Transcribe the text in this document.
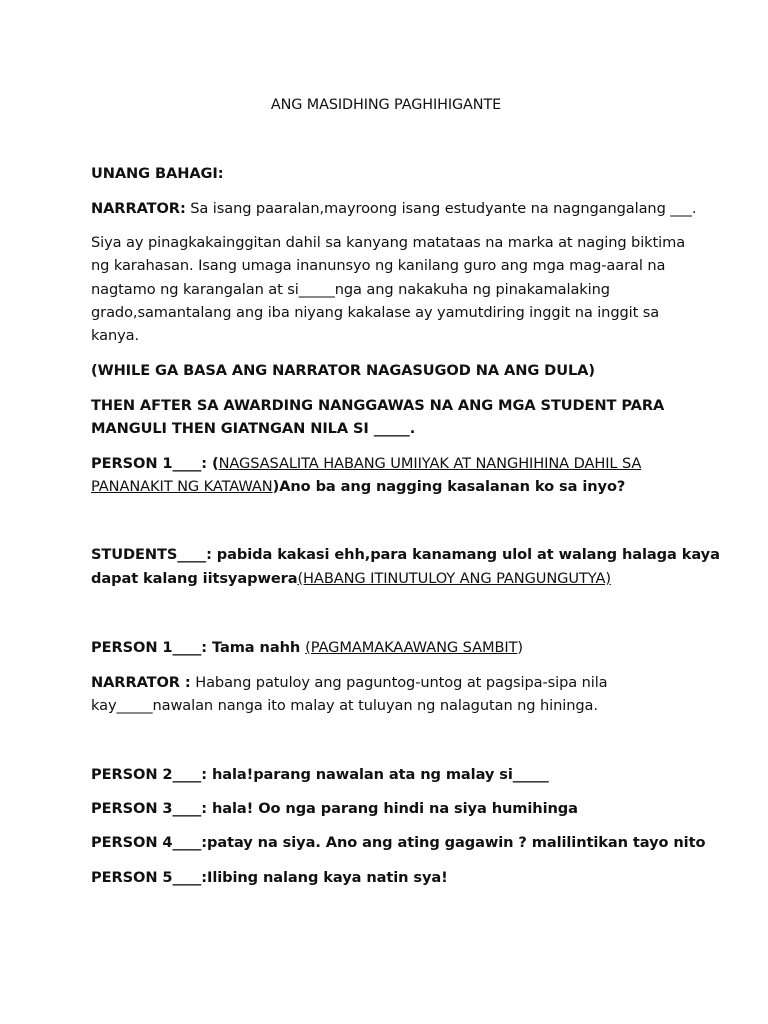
ANG MASIDHING PAGHIHIGANTE
UNANG BAHAGI:
NARRATOR: Sa isang paaralan,mayroong isang estudyante na nagngangalang ___.
Siya ay pinagkakainggitan dahil sa kanyang matataas na marka at naging biktima
ng karahasan. Isang umaga inanunsyo ng kanilang guro ang mga mag-aaral na
nagtamo ng karangalan at si_____nga ang nakakuha ng pinakamalaking
grado,samantalang ang iba niyang kakalase ay yamutdiring inggit na inggit sa
kanya.
(WHILE GA BASA ANG NARRATOR NAGASUGOD NA ANG DULA)
THEN AFTER SA AWARDING NANGGAWAS NA ANG MGA STUDENT PARA
MANGULI THEN GIATNGAN NILA SI _____.
PERSON 1____: (NAGSASALITA HABANG UMIIYAK AT NANGHIHINA DAHIL SA
PANANAKIT NG KATAWAN)Ano ba ang nagging kasalanan ko sa inyo?
STUDENTS____: pabida kakasi ehh,para kanamang ulol at walang halaga kaya
dapat kalang iitsyapwera(HABANG ITINUTULOY ANG PANGUNGUTYA)
PERSON 1____: Tama nahh (PAGMAMAKAAWANG SAMBIT)
NARRATOR : Habang patuloy ang paguntog-untog at pagsipa-sipa nila
kay_____nawalan nanga ito malay at tuluyan ng nalagutan ng hininga.
PERSON 2____: hala!parang nawalan ata ng malay si_____
PERSON 3____: hala! Oo nga parang hindi na siya humihinga
PERSON 4____:patay na siya. Ano ang ating gagawin ? malilintikan tayo nito
PERSON 5____:Ilibing nalang kaya natin sya!
